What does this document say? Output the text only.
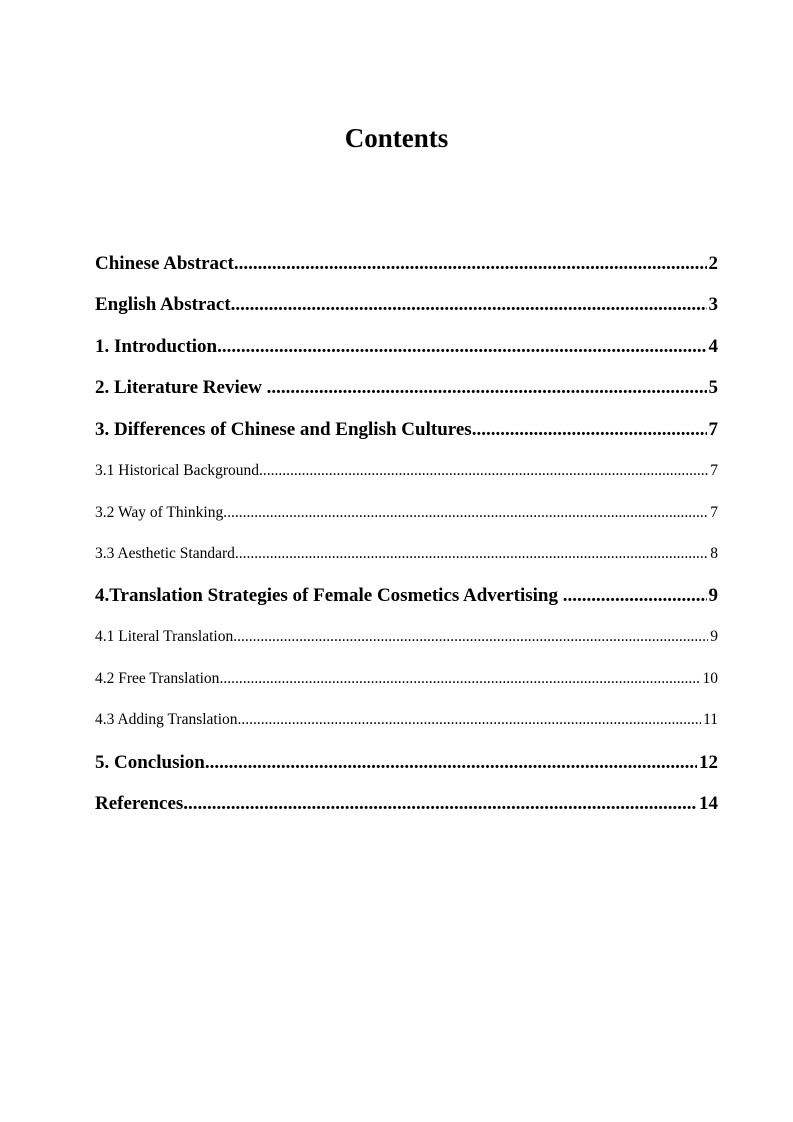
Contents
Chinese Abstract .....	2
English Abstract .....	3
1. Introduction .....	4
2. Literature Review .....	5
3. Differences of Chinese and English Cultures .....	7
3.1 Historical Background .....	7
3.2 Way of Thinking .....	7
3.3 Aesthetic Standard .....	8
4.Translation Strategies of Female Cosmetics Advertising .....	9
4.1 Literal Translation .....	9
4.2 Free Translation .....	10
4.3 Adding Translation .....	11
5. Conclusion .....	12
References .....	14
